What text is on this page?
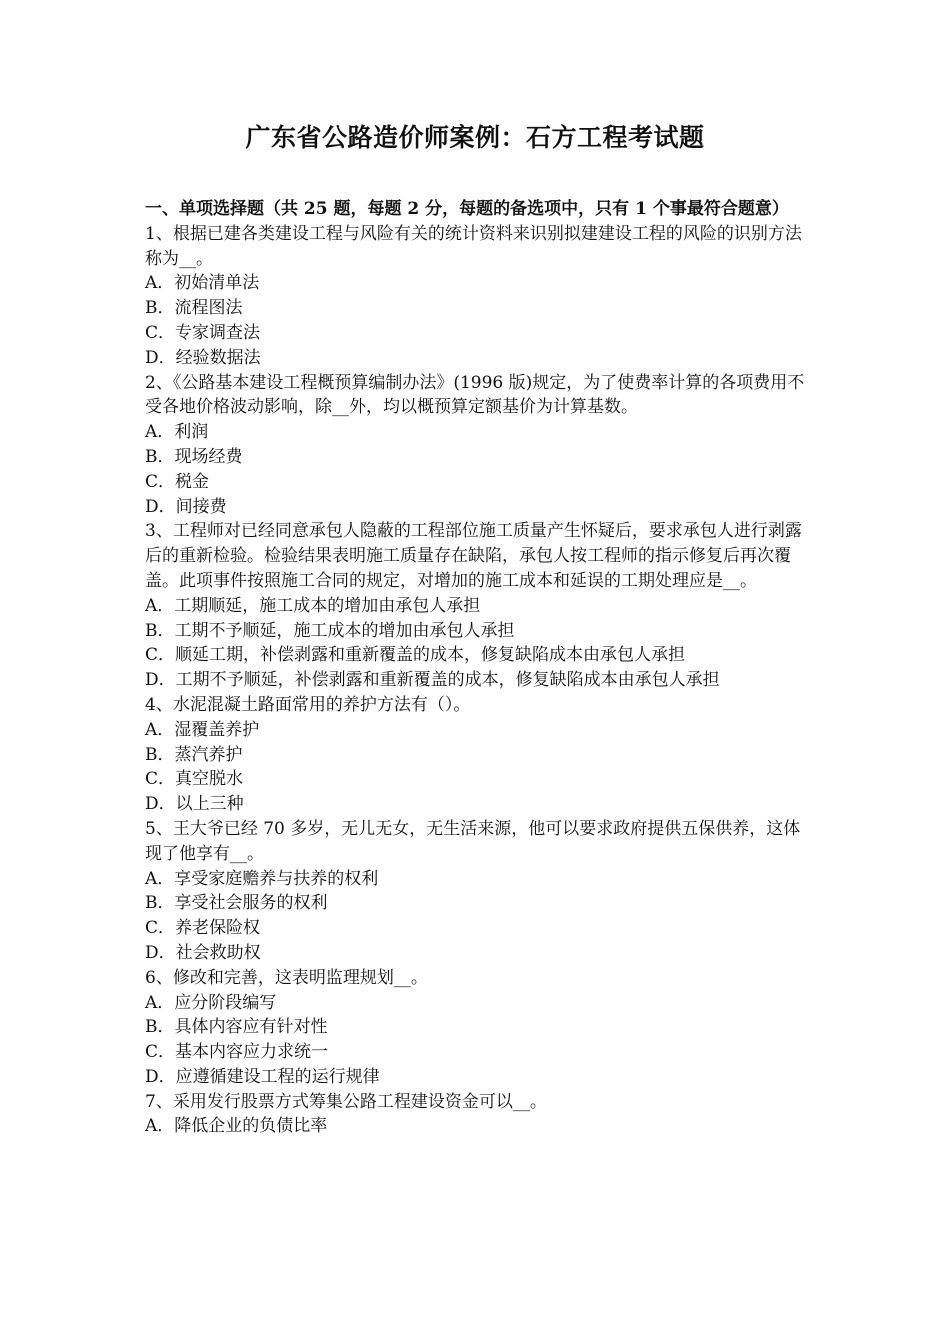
广东省公路造价师案例：石方工程考试题

一、单项选择题（共 25 题，每题 2 分，每题的备选项中，只有 1 个事最符合题意）

1、根据已建各类建设工程与风险有关的统计资料来识别拟建建设工程的风险的识别方法称为__。

A．初始清单法

B．流程图法

C．专家调查法

D．经验数据法

2、《公路基本建设工程概预算编制办法》(1996 版)规定，为了使费率计算的各项费用不受各地价格波动影响，除__外，均以概预算定额基价为计算基数。

A．利润

B．现场经费

C．税金

D．间接费

3、工程师对已经同意承包人隐蔽的工程部位施工质量产生怀疑后，要求承包人进行剥露后的重新检验。检验结果表明施工质量存在缺陷，承包人按工程师的指示修复后再次覆盖。此项事件按照施工合同的规定，对增加的施工成本和延误的工期处理应是__。

A．工期顺延，施工成本的增加由承包人承担

B．工期不予顺延，施工成本的增加由承包人承担

C．顺延工期，补偿剥露和重新覆盖的成本，修复缺陷成本由承包人承担

D．工期不予顺延，补偿剥露和重新覆盖的成本，修复缺陷成本由承包人承担

4、水泥混凝土路面常用的养护方法有（）。

A．湿覆盖养护

B．蒸汽养护

C．真空脱水

D．以上三种

5、王大爷已经 70 多岁，无儿无女，无生活来源，他可以要求政府提供五保供养，这体现了他享有__。

A．享受家庭赡养与扶养的权利

B．享受社会服务的权利

C．养老保险权

D．社会救助权

6、修改和完善，这表明监理规划__。

A．应分阶段编写

B．具体内容应有针对性

C．基本内容应力求统一

D．应遵循建设工程的运行规律

7、采用发行股票方式筹集公路工程建设资金可以__。

A．降低企业的负债比率
